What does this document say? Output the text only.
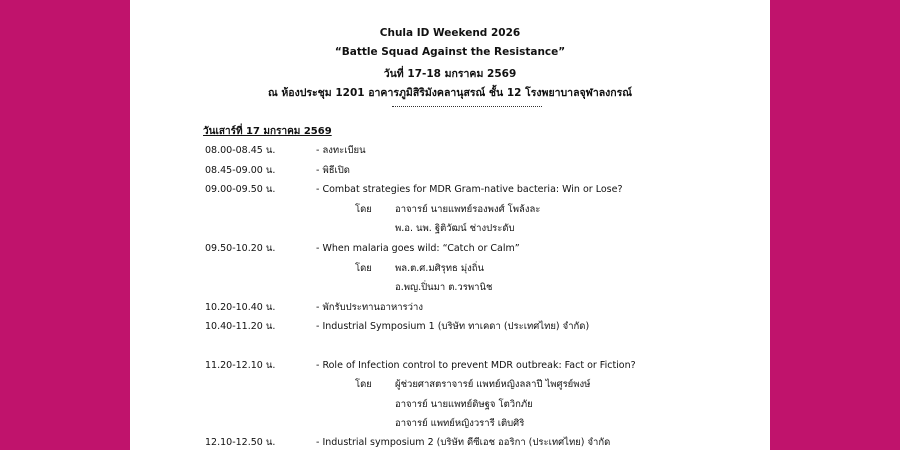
Chula ID Weekend 2026
“Battle Squad Against the Resistance”
วันที่ 17-18 มกราคม 2569
ณ ห้องประชุม 1201 อาคารภูมิสิริมังคลานุสรณ์ ชั้น 12 โรงพยาบาลจุฬาลงกรณ์
วันเสาร์ที่ 17 มกราคม 2569
08.00-08.45 น.	- ลงทะเบียน
08.45-09.00 น.	- พิธีเปิด
09.00-09.50 น.	- Combat strategies for MDR Gram-native bacteria: Win or Lose?
โดย อาจารย์ นายแพทย์รองพงศ์ โพล้งละ
พ.อ. นพ. ฐิติวัฒน์ ช่างประดับ
09.50-10.20 น.	- When malaria goes wild: “Catch or Calm”
โดย พล.ต.ศ.มศิรุทธ มุ่งถิ่น
อ.พญ.ปิ่นมา ต.วรพานิช
10.20-10.40 น.	- พักรับประทานอาหารว่าง
10.40-11.20 น.	- Industrial Symposium 1 (บริษัท ทาเคดา (ประเทศไทย) จำกัด)
11.20-12.10 น.	- Role of Infection control to prevent MDR outbreak: Fact or Fiction?
โดย ผู้ช่วยศาสตราจารย์ แพทย์หญิงลลาปี ไพศูรย์พงษ์
อาจารย์ นายแพทย์ดิษฐจ โตวิกภัย
อาจารย์ แพทย์หญิงวรารี เติบศิริ
12.10-12.50 น.	- Industrial symposium 2 (บริษัท ดีซีเอช ออริกา (ประเทศไทย) จำกัด
